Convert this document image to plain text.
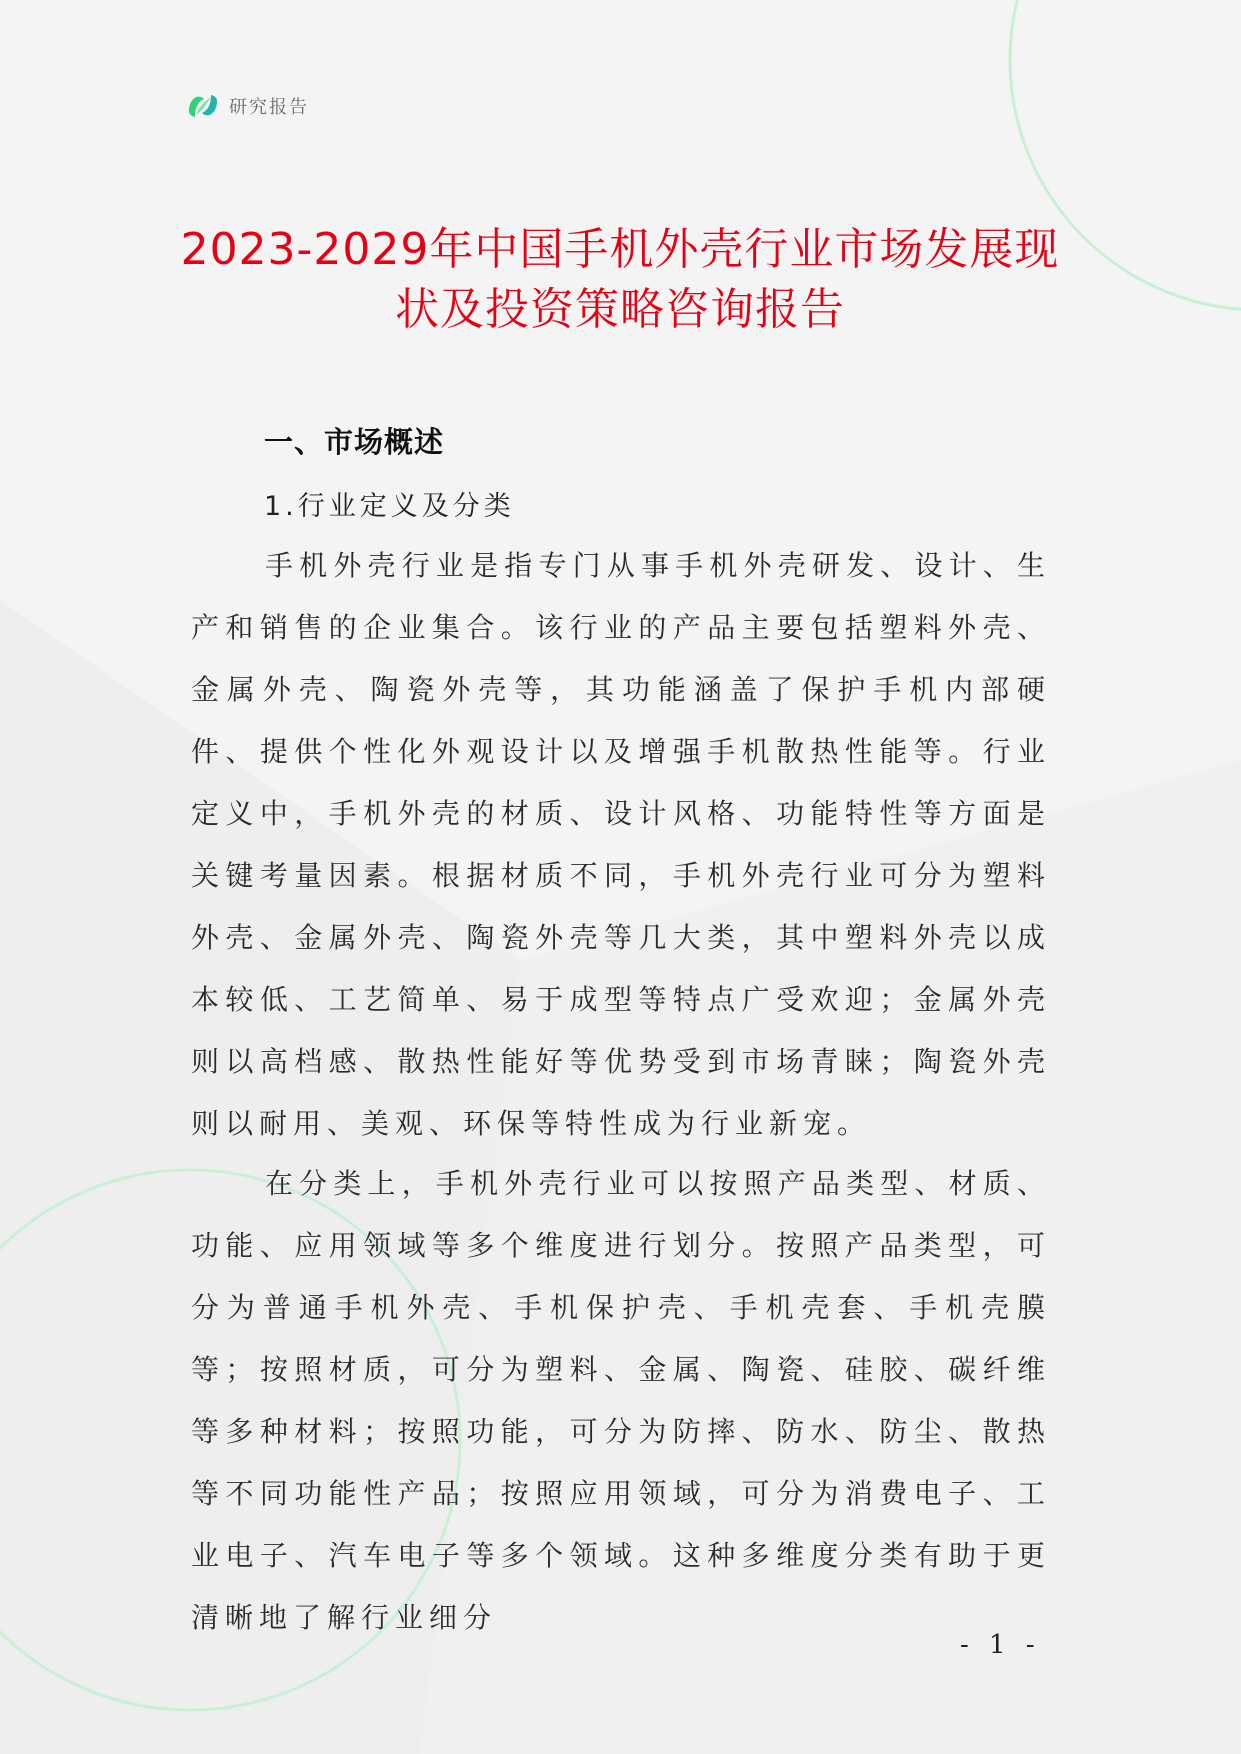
研究报告
2023-2029年中国手机外壳行业市场发展现
状及投资策略咨询报告
一、市场概述
1.行业定义及分类

手机外壳行业是指专门从事手机外壳研发、设计、生产和销售的企业集合。该行业的产品主要包括塑料外壳、金属外壳、陶瓷外壳等，其功能涵盖了保护手机内部硬件、提供个性化外观设计以及增强手机散热性能等。行业定义中，手机外壳的材质、设计风格、功能特性等方面是关键考量因素。根据材质不同，手机外壳行业可分为塑料外壳、金属外壳、陶瓷外壳等几大类，其中塑料外壳以成本较低、工艺简单、易于成型等特点广受欢迎；金属外壳则以高档感、散热性能好等优势受到市场青睐；陶瓷外壳则以耐用、美观、环保等特性成为行业新宠。

在分类上，手机外壳行业可以按照产品类型、材质、功能、应用领域等多个维度进行划分。按照产品类型，可分为普通手机外壳、手机保护壳、手机壳套、手机壳膜等；按照材质，可分为塑料、金属、陶瓷、硅胶、碳纤维等多种材料；按照功能，可分为防摔、防水、防尘、散热等不同功能性产品；按照应用领域，可分为消费电子、工业电子、汽车电子等多个领域。这种多维度分类有助于更清晰地了解行业细分

- 1 -
